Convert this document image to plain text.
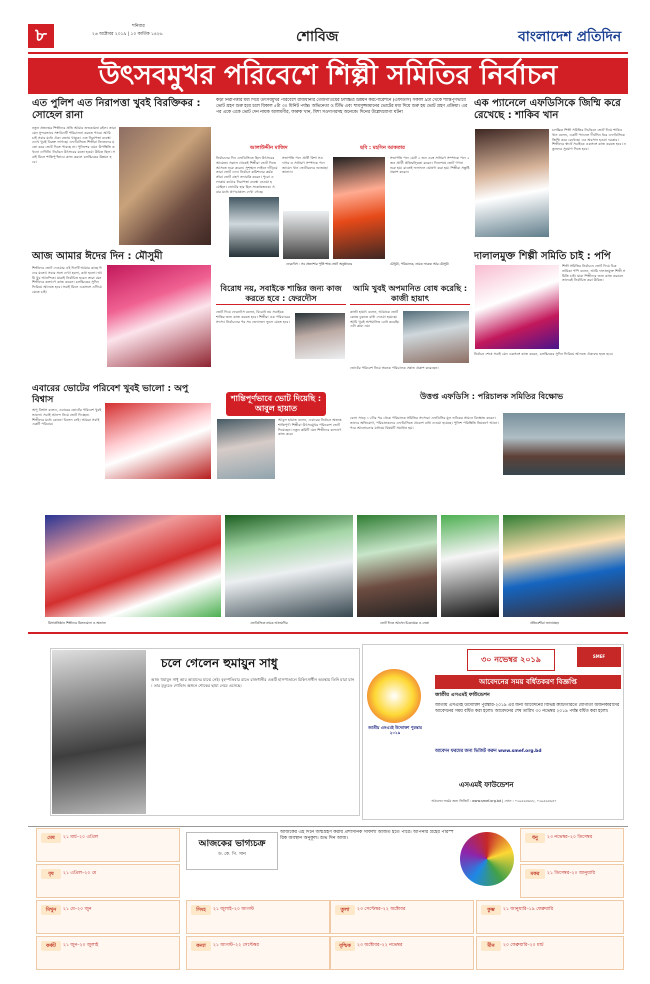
৮	২৬ অক্টোবর ২০১৯ | ১০ কার্তিক ১৪২৬
শনিবার
শোবিজ	বাংলাদেশ প্রতিদিন
উৎসবমুখর পরিবেশে শিল্পী সমিতির নির্বাচন
এত পুলিশ এত নিরাপত্তা খুবই বিরক্তিকর : সোহেল রানা
নতুন প্রজন্মের শিল্পীদের প্রতি আমার শুভকামনা রইল। তারা যেন সুন্দরভাবে সংগঠনটি পরিচালনা করতে পারে। আমি চাই সবার মধ্যে ঐক্য বজায় থাকুক। এত নিরাপত্তা ব্যবস্থা দেখে খুবই বিরক্ত লাগছে। এফডিসিতে শিল্পীরা নিজেদের মতো করে ভোট দিতে পারছে না। পুলিশের এমন উপস্থিতি কখনো দেখিনি। নির্বাচন উৎসবের মতো হওয়া উচিত ছিল। সবাই মিলে শান্তিপূর্ণভাবে কাজ করলে চলচ্চিত্রের উন্নয়ন হবে।
আজ আমার ঈদের দিন : মৌসুমী
শিল্পীদের ভোট দেওয়ার এই দিনটি আমার কাছে ঈদের মতো। সবার সঙ্গে দেখা হলো, কথা হলো। আমি খুব আনন্দিত। যারাই নির্বাচিত হবেন তারা যেন শিল্পীদের কল্যাণে কাজ করেন। চলচ্চিত্রের সুদিন ফিরিয়ে আনতে হবে। সবাই মিলে একসঙ্গে এগিয়ে যেতে চাই।
কড়া নিরাপত্তার মধ্য দিয়ে উৎসবমুখর পরিবেশে রাজধানীর তেজগাঁওয়ের চলচ্চিত্র উন্নয়ন করপোরেশনে (এফডিসি) সকাল ৯টা থেকে শান্তিপূর্ণভাবে ভোট গ্রহণ শুরু হয়ে চলে বিকাল ৫টা ৩০ মিনিট পর্যন্ত। অভিনেতা ও টিভি এবং শামসুজ্জামানের ভোটের মধ্য দিয়ে শুরু হয় ভোট গ্রহণ প্রক্রিয়া। এরপর একে একে ভোট দেন নায়ক আলমগীর, ফারুক খান, মিশা সওদাগরসহ অনেকে। দিনের উল্লেখযোগ্য ঘটনা
আলাউদ্দীন মাজিদ	ছবি : মহসিন আকতার
নির্বাচনের দিন এফডিসিতে ছিল উৎসবের আমেজ। সকাল থেকেই শিল্পীরা ভোট দিতে আসতে শুরু করেন। সুশৃঙ্খল লাইনে দাঁড়িয়ে তারা ভোট দেন। নির্বাচন কমিশনের কর্মকর্তারা ভোট গ্রহণ তদারকি করেন। পুরো এলাকায় কঠোর নিরাপত্তা ব্যবস্থা নেওয়া হয়েছিল। ভোটের হার ছিল সন্তোষজনক। সবার মধ্যে প্রাণচাঞ্চল্য দেখা গেছে।
সভাপতি পদে প্রার্থী মিশা সওদাগর ও সাধারণ সম্পাদক পদে জায়েদ খান ভোটারদের শুভেচ্ছা জানান।
সভাপতি পদে মোট ২ জন এবং সাধারণ সম্পাদক পদে ২ জন প্রার্থী প্রতিদ্বন্দ্বিতা করেন। দিনশেষে ভোট গণনা শুরু হয়। রাতেই ফলাফল ঘোষণা করা হয়। শিল্পীরা সন্তুষ্টি প্রকাশ করেন।
ফেরদৌস : সব প্রত্যাশার পূর্তি শান্ত ভোট অনুষ্ঠানের	চৌধুরী, পরিচালক, নায়ক ফারুক আর মৌসুমী
এক প্যানেলে এফডিসিকে জিম্মি করে রেখেছে : শাকিব খান
চলচ্চিত্র শিল্পী সমিতির নির্বাচনে ভোট দিয়ে শাকিব খান বলেন, একটি প্যানেল দীর্ঘদিন ধরে এফডিসিকে জিম্মি করে রেখেছে। এর অবসান হওয়া দরকার। শিল্পীদের স্বার্থে সবাইকে একসঙ্গে কাজ করতে হবে। নতুনদের সুযোগ দিতে হবে।
দালালমুক্ত শিল্পী সমিতি চাই : পপি
শিল্পী সমিতির নির্বাচনে ভোট দিয়ে চিত্রনায়িকা পপি বলেন, আমি দালালমুক্ত শিল্পী সমিতি চাই। যারা শিল্পীদের জন্য কাজ করবেন তাদেরই নির্বাচিত করা উচিত।
নির্বাচন শেষে সবাই যেন একসঙ্গে কাজ করেন, চলচ্চিত্রের সুদিন ফিরিয়ে আনতে ঐক্যবদ্ধ হতে হবে।
বিরোধ নয়, সবাইকে শান্তির জন্য কাজ করতে হবে : ফেরদৌস
ভোট দিয়ে ফেরদৌস বলেন, বিরোধ নয় সবাইকে শান্তির জন্য কাজ করতে হবে। শিল্পীরা এক পরিবারের সদস্য। নির্বাচনের পর সব ভেদাভেদ ভুলে যেতে হবে।
আমি খুবই অপমানিত বোধ করেছি : কাজী হায়াৎ
কাজী হায়াৎ বলেন, আমাকে ভোটকেন্দ্রে ঢুকতে বাধা দেওয়া হয়েছে। আমি খুবই অপমানিত বোধ করেছি। এটা কাম্য নয়।
ভোটের পরিবেশ নিয়ে অনেক পরিচালক ক্ষোভ প্রকাশ করেছেন।
শান্তিপূর্ণভাবে ভোট দিয়েছি : আবুল হায়াত
আবুল হায়াত বলেন, এবারের নির্বাচন অত্যন্ত শান্তিপূর্ণ। শিল্পীরা উৎসবমুখর পরিবেশে ভোট দিয়েছেন। নতুন কমিটি যেন শিল্পীদের কল্যাণে কাজ করে।
উত্তপ্ত এফডিসি : পরিচালক সমিতির বিক্ষোভ
বেলা সাড়ে ১১টার পর থেকে পরিচালক সমিতির সদস্যরা এফডিসির মূল ফটকের সামনে বিক্ষোভ করেন। তাদের অভিযোগ, পরিচালকদের এফডিসিতে প্রবেশে বাধা দেওয়া হয়েছে। পুলিশ পরিস্থিতি নিয়ন্ত্রণে আনে। পরে আলোচনার মাধ্যমে বিষয়টি সমাধান হয়।
এবারের ভোটের পরিবেশ খুবই ভালো : অপু বিশ্বাস
অপু বিশ্বাস বলেন, এবারের ভোটের পরিবেশ খুবই ভালো। সবাই আনন্দ নিয়ে ভোট দিচ্ছেন। শিল্পীদের মধ্যে কোনো বিভেদ নেই। আমরা সবাই একটি পরিবার।
মিসাপ্রতিষ্ঠান শিল্পীদের মিলনমেলা ও অন্যান্য	এফডিসিতে নায়ক আলমগীর	ভোট দিতে আসেন চিত্রনায়ক ও নেতা	প্রতিবেশীরা জানাচ্ছেন
চলে গেলেন হুমায়ুন সাধু
আজ হুমায়ুন সাধু আর আমাদের মাঝে নেই। বৃহস্পতিবার রাতে রাজধানীর একটি হাসপাতালে চিকিৎসাধীন অবস্থায় তিনি মারা যান। তার মৃত্যুতে শোবিজ অঙ্গনে শোকের ছায়া নেমে এসেছে।
জাতীয় এসএমই উদ্যোক্তা পুরস্কার ২০১৯
৩০ নভেম্বর ২০১৯	SMEF
আবেদনের সময় বর্ধিতকরণ বিজ্ঞপ্তি
জাতীয় এসএমই ফাউন্ডেশন
জাতীয় এসএমই উদ্যোক্তা পুরস্কার-২০১৯ এর জন্য আবেদনের বিভিন্ন ক্যাটাগরিতে যোগ্যতা অর্জনকারীদের আবেদনের সময় বর্ধিত করা হলো। আবেদনের শেষ তারিখ ৩০ নভেম্বর ২০১৯ পর্যন্ত বর্ধিত করা হলো।
আবেদন ফরমের জন্য ভিজিট করুন www.smef.org.bd
এসএমই ফাউন্ডেশন
আবেদন ফর্মের জন্য ভিজিট : www.smef.org.bd | ফোন : ০২৯৫৬৪৬৮৮, ০২৯৫৬৪৬৪৭
আজকের ভাগ্যচক্র
ড. কে. পি. সান
আজকের এই দিনে জন্মগ্রহণ করায় প্রশাসনিক সাফল্য অর্জিত হতে পারে। আপনার গ্রহের পারস্পরিক অবস্থান অনুকূল। শুভ দিন আজ।
মেষ	২১ মার্চ–২০ এপ্রিল
বৃষ	২১ এপ্রিল–২০ মে
মিথুন	২১ মে–২০ জুন
কর্কট	২১ জুন–২০ জুলাই
সিংহ	২১ জুলাই–২০ আগস্ট
কন্যা	২১ আগস্ট–২২ সেপ্টেম্বর
তুলা	২৩ সেপ্টেম্বর–২২ অক্টোবর
বৃশ্চিক	২৩ অক্টোবর–২২ নভেম্বর
ধনু	২৩ নভেম্বর–২০ ডিসেম্বর
মকর	২১ ডিসেম্বর–২০ জানুয়ারি
কুম্ভ	২১ জানুয়ারি–১৯ ফেব্রুয়ারি
মীন	২০ ফেব্রুয়ারি–২০ মার্চ
